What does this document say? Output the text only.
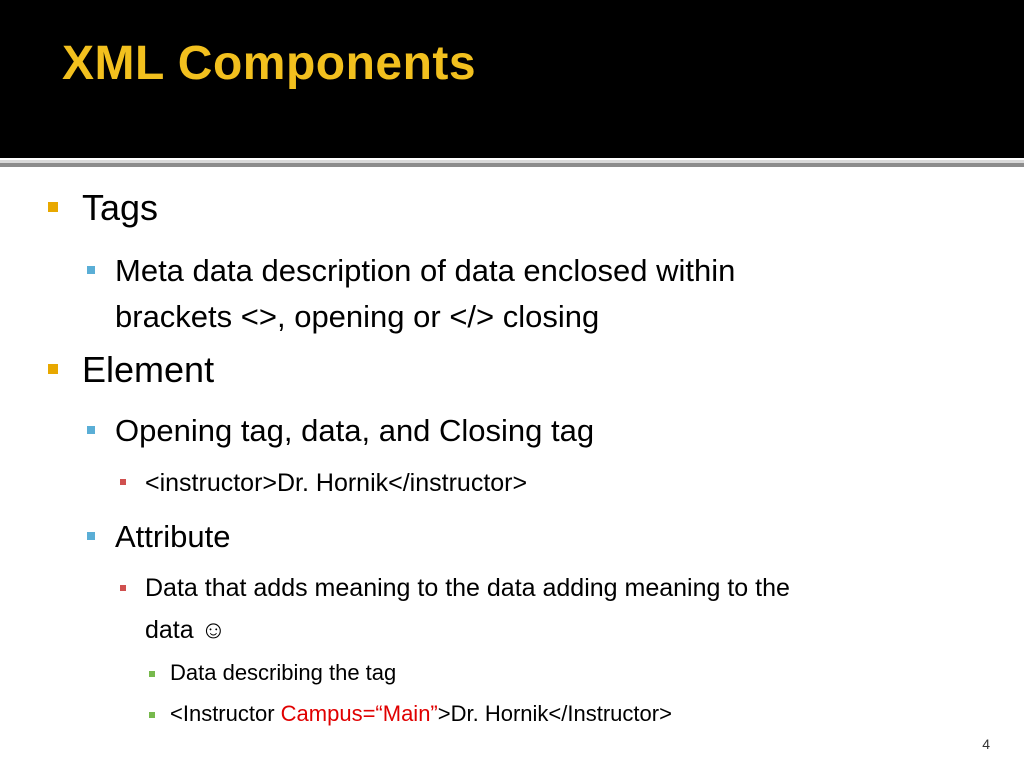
XML Components
Tags
Meta data description of data enclosed within
brackets <>, opening or </> closing
Element
Opening tag, data, and Closing tag
<instructor>Dr. Hornik</instructor>
Attribute
Data that adds meaning to the data adding meaning to the
data ☺
Data describing the tag
<Instructor Campus=“Main”>Dr. Hornik</Instructor>
4
